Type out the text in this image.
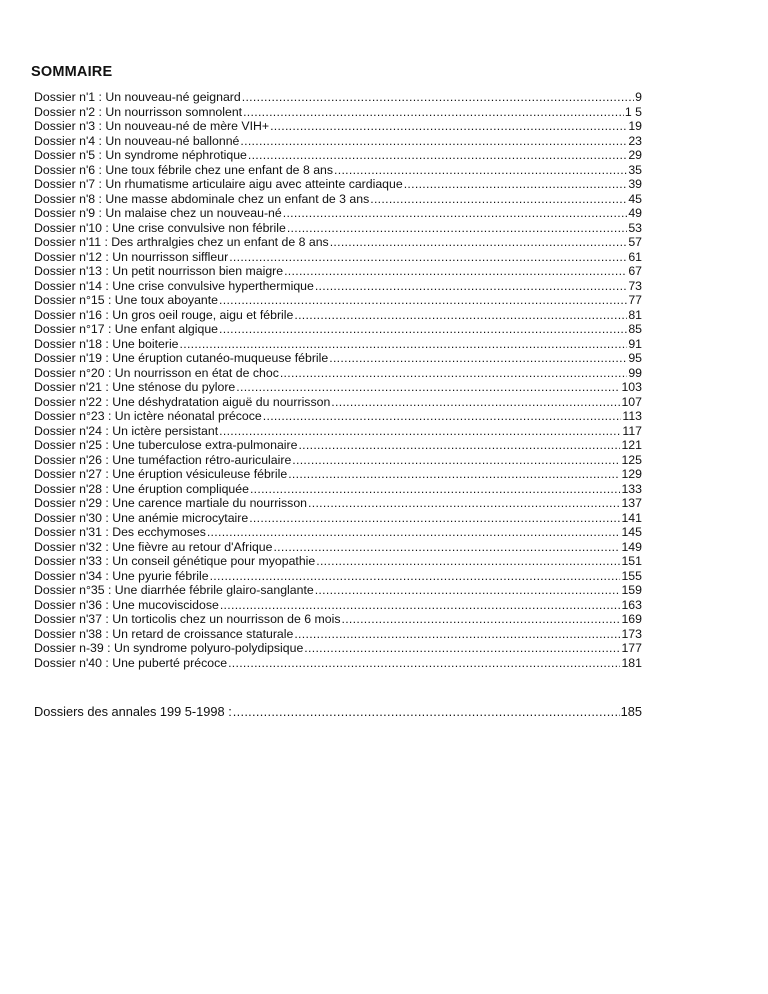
SOMMAIRE
Dossier n'1 : Un nouveau-né geignard .....	9
Dossier n'2 : Un nourrisson somnolent .....	1 5
Dossier n'3 : Un nouveau-né de mère VIH+ .....	19
Dossier n'4 : Un nouveau-né ballonné .....	23
Dossier n'5 : Un syndrome néphrotique .....	29
Dossier n'6 : Une toux fébrile chez une enfant de 8 ans .....	35
Dossier n'7 : Un rhumatisme articulaire aigu avec atteinte cardiaque .....	39
Dossier n'8 : Une masse abdominale chez un enfant de 3 ans .....	45
Dossier n'9 : Un malaise chez un nouveau-né .....	49
Dossier n'10 : Une crise convulsive non fébrile .....	53
Dossier n'11 : Des arthralgies chez un enfant de 8 ans .....	57
Dossier n'12 : Un nourrisson siffleur .....	61
Dossier n'13 : Un petit nourrisson bien maigre .....	67
Dossier n'14 : Une crise convulsive hyperthermique .....	73
Dossier n°15 : Une toux aboyante .....	77
Dossier n'16 : Un gros oeil rouge, aigu et fébrile .....	81
Dossier n°17 : Une enfant algique .....	85
Dossier n'18 : Une boiterie .....	91
Dossier n'19 : Une éruption cutanéo-muqueuse fébrile .....	95
Dossier n°20 : Un nourrisson en état de choc .....	99
Dossier n'21 : Une sténose du pylore .....	103
Dossier n'22 : Une déshydratation aiguë du nourrisson .....	107
Dossier n°23 : Un ictère néonatal précoce .....	113
Dossier n'24 : Un ictère persistant .....	117
Dossier n'25 : Une tuberculose extra-pulmonaire .....	121
Dossier n'26 : Une tuméfaction rétro-auriculaire .....	125
Dossier n'27 : Une éruption vésiculeuse fébrile .....	129
Dossier n'28 : Une éruption compliquée .....	133
Dossier n'29 : Une carence martiale du nourrisson .....	137
Dossier n'30 : Une anémie microcytaire .....	141
Dossier n'31 : Des ecchymoses .....	145
Dossier n'32 : Une fièvre au retour d'Afrique .....	149
Dossier n'33 : Un conseil génétique pour myopathie .....	151
Dossier n'34 : Une pyurie fébrile .....	155
Dossier n°35 : Une diarrhée fébrile glairo-sanglante .....	159
Dossier n'36 : Une mucoviscidose .....	163
Dossier n'37 : Un torticolis chez un nourrisson de 6 mois .....	169
Dossier n'38 : Un retard de croissance staturale .....	173
Dossier n-39 : Un syndrome polyuro-polydipsique .....	177
Dossier n'40 : Une puberté précoce .....	181
Dossiers des annales 199 5-1998 : .....	185
